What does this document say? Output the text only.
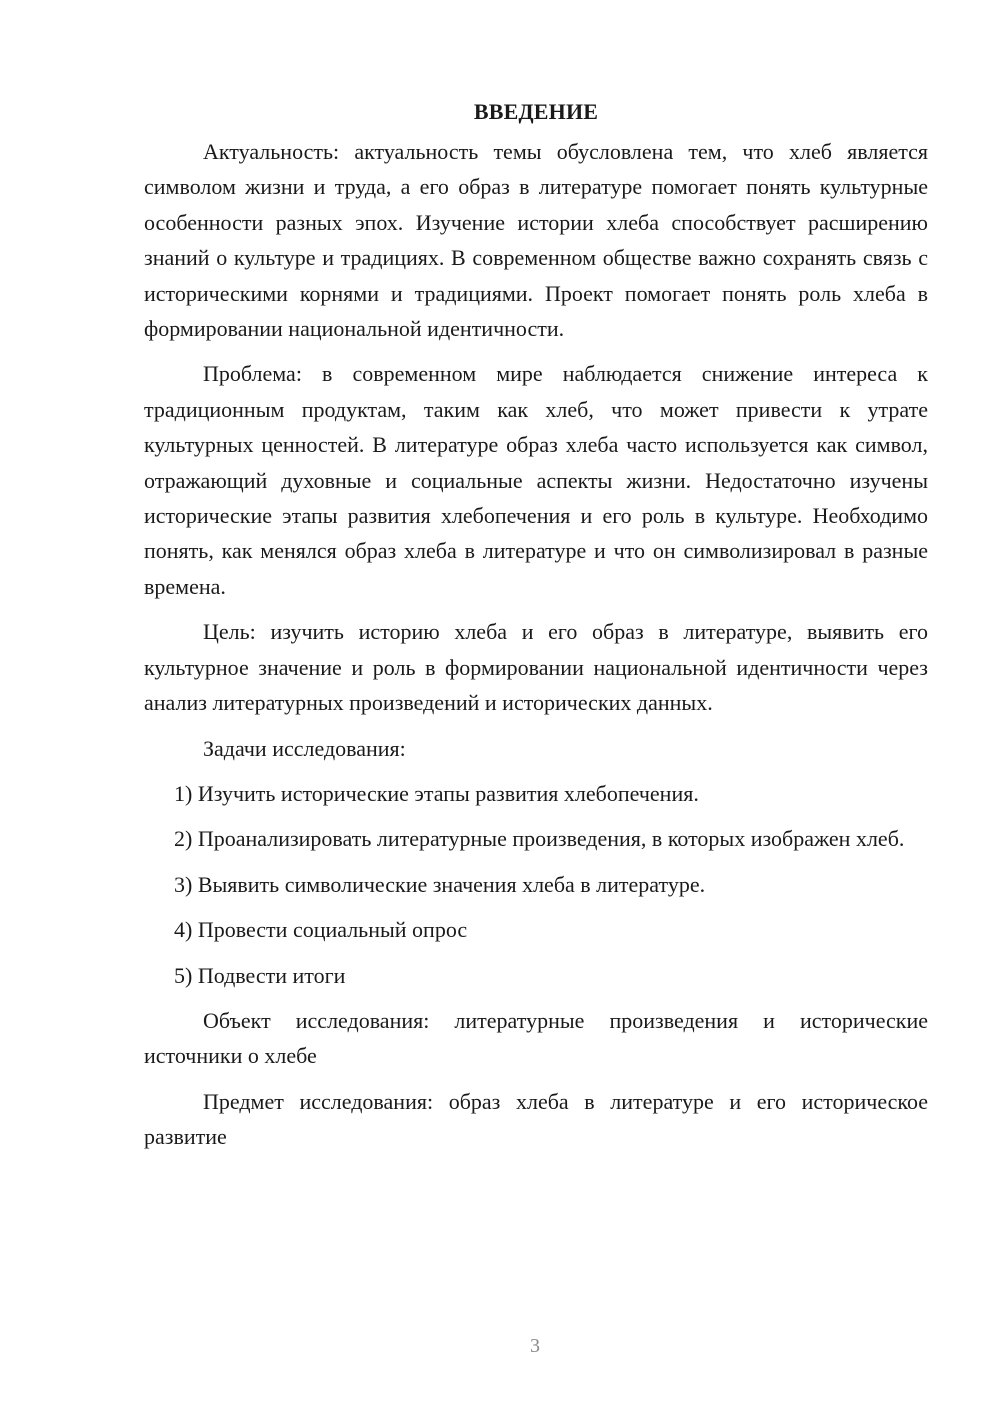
ВВЕДЕНИЕ

Актуальность: актуальность темы обусловлена тем, что хлеб является символом жизни и труда, а его образ в литературе помогает понять культурные особенности разных эпох. Изучение истории хлеба способствует расширению знаний о культуре и традициях. В современном обществе важно сохранять связь с историческими корнями и традициями. Проект помогает понять роль хлеба в формировании национальной идентичности.

Проблема: в современном мире наблюдается снижение интереса к традиционным продуктам, таким как хлеб, что может привести к утрате культурных ценностей. В литературе образ хлеба часто используется как символ, отражающий духовные и социальные аспекты жизни. Недостаточно изучены исторические этапы развития хлебопечения и его роль в культуре. Необходимо понять, как менялся образ хлеба в литературе и что он символизировал в разные времена.

Цель: изучить историю хлеба и его образ в литературе, выявить его культурное значение и роль в формировании национальной идентичности через анализ литературных произведений и исторических данных.

Задачи исследования:

1) Изучить исторические этапы развития хлебопечения.

2) Проанализировать литературные произведения, в которых изображен хлеб.

3) Выявить символические значения хлеба в литературе.

4) Провести социальный опрос

5) Подвести итоги

Объект исследования: литературные произведения и исторические источники о хлебе

Предмет исследования: образ хлеба в литературе и его историческое развитие

3
